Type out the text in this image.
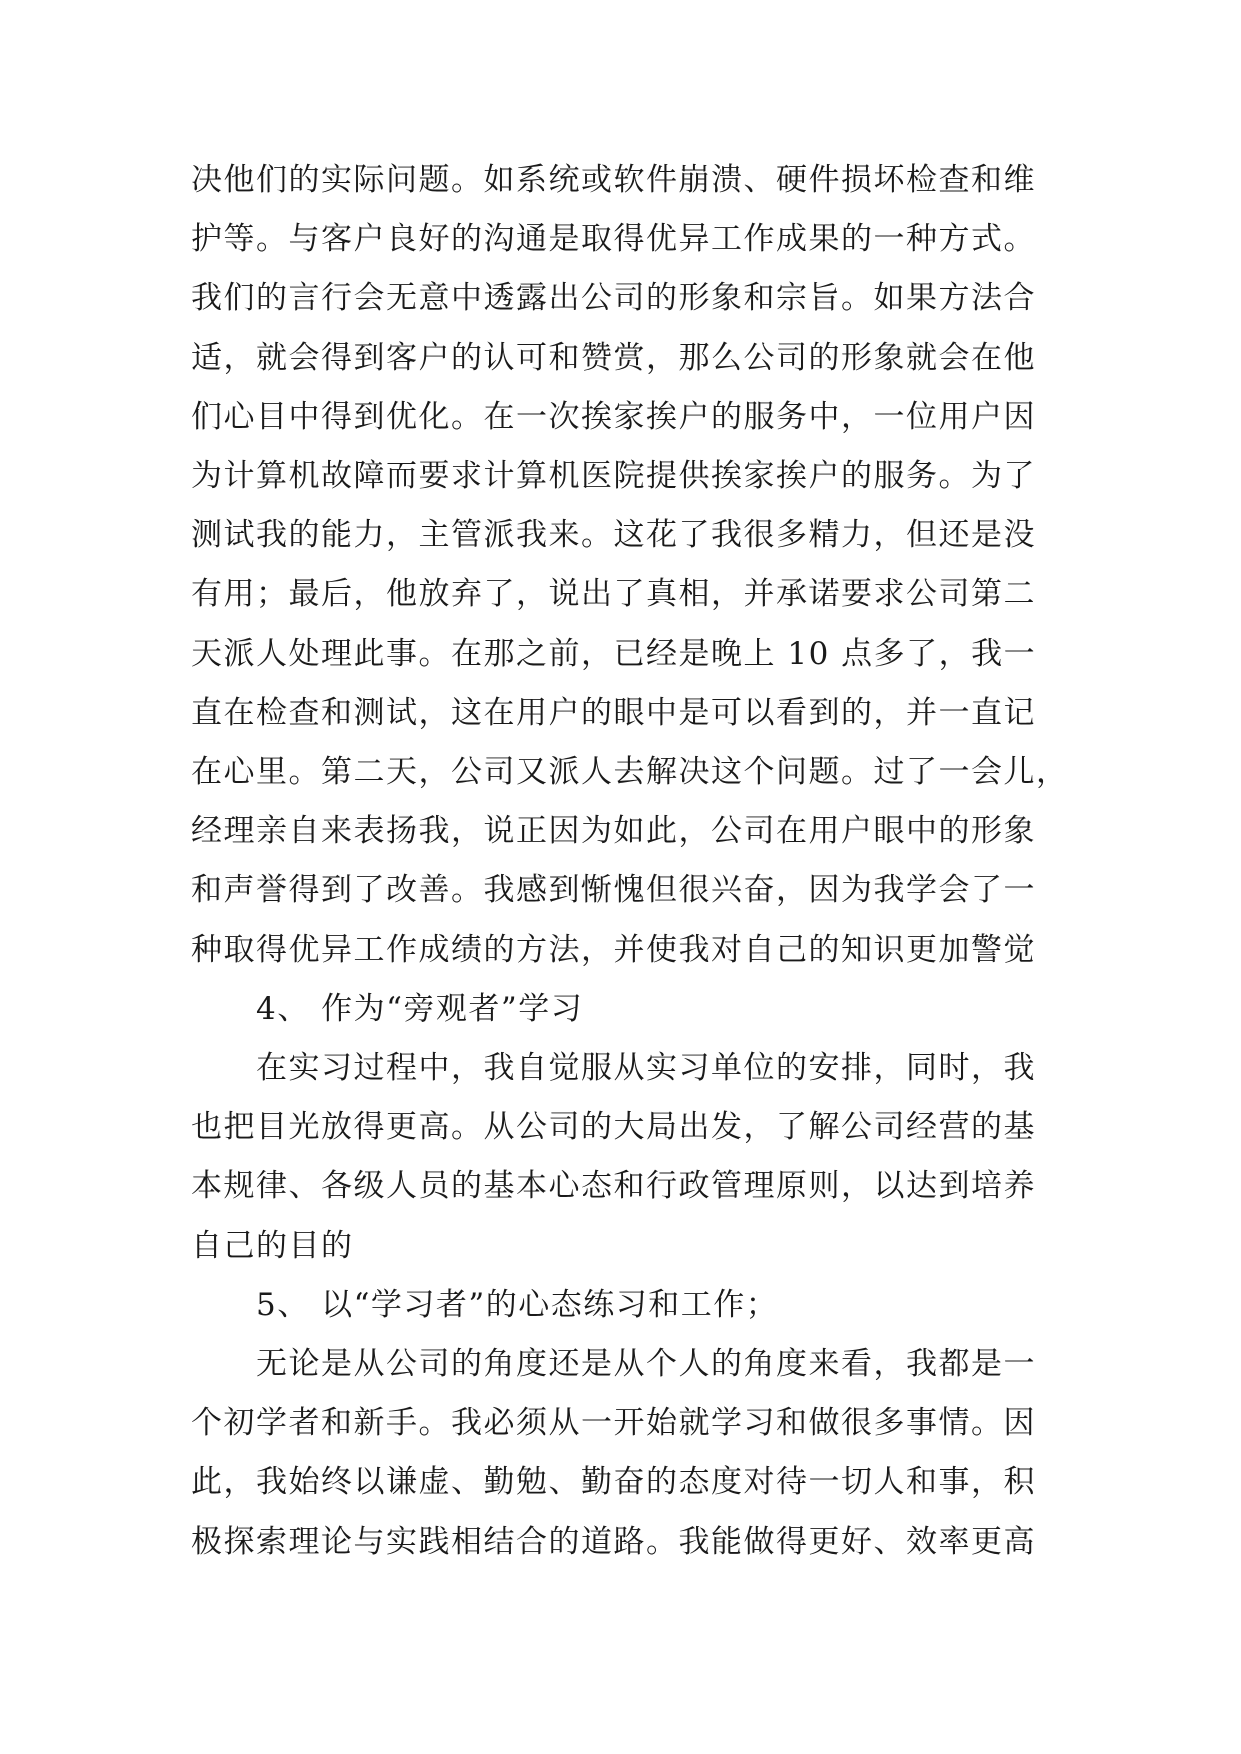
决他们的实际问题。如系统或软件崩溃、硬件损坏检查和维
护等。与客户良好的沟通是取得优异工作成果的一种方式。
我们的言行会无意中透露出公司的形象和宗旨。如果方法合
适，就会得到客户的认可和赞赏，那么公司的形象就会在他
们心目中得到优化。在一次挨家挨户的服务中，一位用户因
为计算机故障而要求计算机医院提供挨家挨户的服务。为了
测试我的能力，主管派我来。这花了我很多精力，但还是没
有用；最后，他放弃了，说出了真相，并承诺要求公司第二
天派人处理此事。在那之前，已经是晚上 10 点多了，我一
直在检查和测试，这在用户的眼中是可以看到的，并一直记
在心里。第二天，公司又派人去解决这个问题。过了一会儿，
经理亲自来表扬我，说正因为如此，公司在用户眼中的形象
和声誉得到了改善。我感到惭愧但很兴奋，因为我学会了一
种取得优异工作成绩的方法，并使我对自己的知识更加警觉
4、 作为“旁观者”学习
在实习过程中，我自觉服从实习单位的安排，同时，我
也把目光放得更高。从公司的大局出发，了解公司经营的基
本规律、各级人员的基本心态和行政管理原则，以达到培养
自己的目的
5、 以“学习者”的心态练习和工作；
无论是从公司的角度还是从个人的角度来看，我都是一
个初学者和新手。我必须从一开始就学习和做很多事情。因
此，我始终以谦虚、勤勉、勤奋的态度对待一切人和事，积
极探索理论与实践相结合的道路。我能做得更好、效率更高
